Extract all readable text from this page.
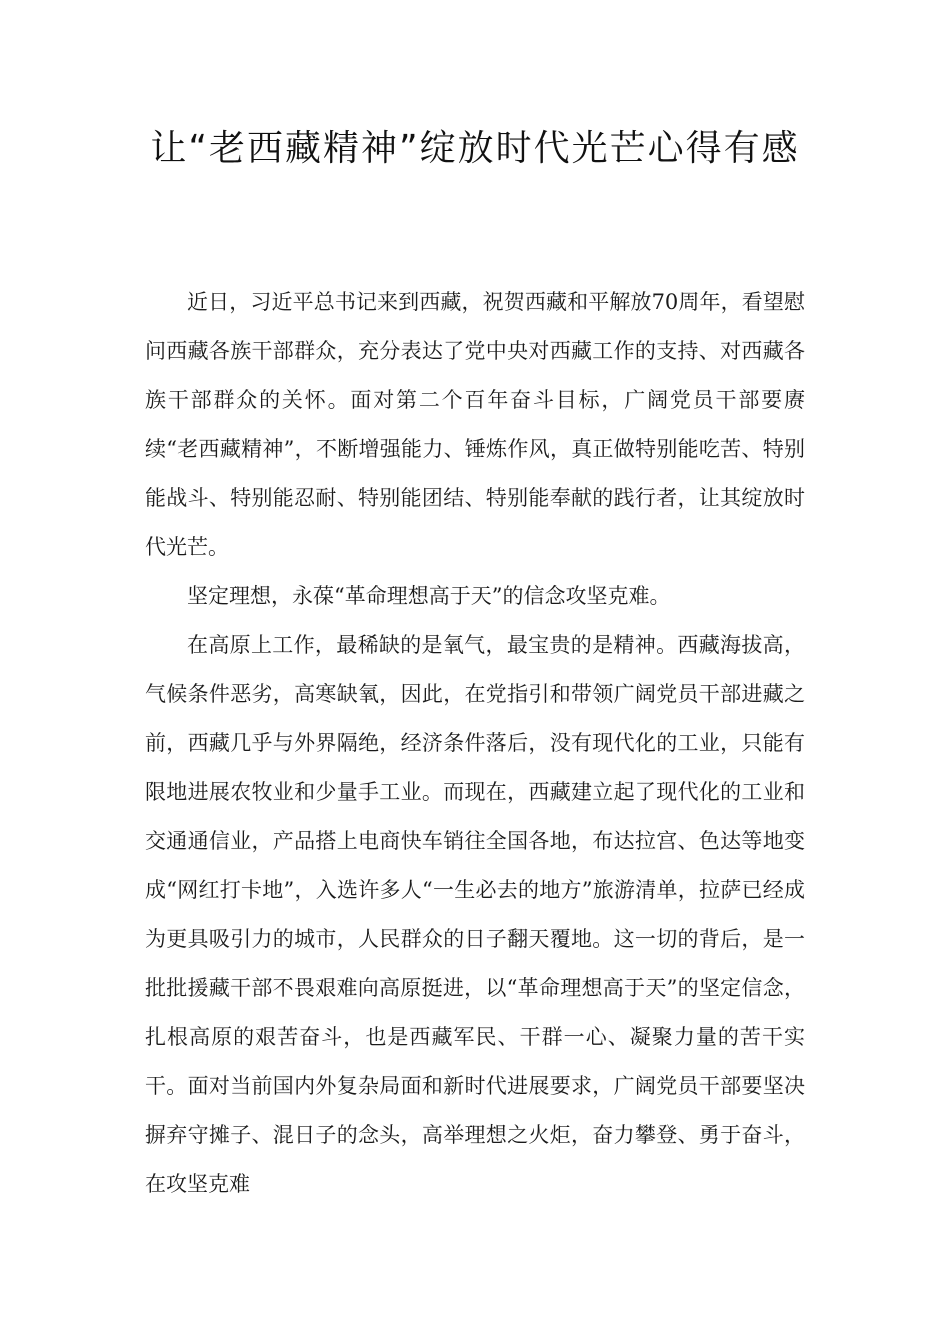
让“老西藏精神”绽放时代光芒心得有感

近日，习近平总书记来到西藏，祝贺西藏和平解放70周年，看望慰问西藏各族干部群众，充分表达了党中央对西藏工作的支持、对西藏各族干部群众的关怀。面对第二个百年奋斗目标，广阔党员干部要赓续“老西藏精神”，不断增强能力、锤炼作风，真正做特别能吃苦、特别能战斗、特别能忍耐、特别能团结、特别能奉献的践行者，让其绽放时代光芒。

坚定理想，永葆“革命理想高于天”的信念攻坚克难。

在高原上工作，最稀缺的是氧气，最宝贵的是精神。西藏海拔高，气候条件恶劣，高寒缺氧，因此，在党指引和带领广阔党员干部进藏之前，西藏几乎与外界隔绝，经济条件落后，没有现代化的工业，只能有限地进展农牧业和少量手工业。而现在，西藏建立起了现代化的工业和交通通信业，产品搭上电商快车销往全国各地，布达拉宫、色达等地变成“网红打卡地”，入选许多人“一生必去的地方”旅游清单，拉萨已经成为更具吸引力的城市，人民群众的日子翻天覆地。这一切的背后，是一批批援藏干部不畏艰难向高原挺进，以“革命理想高于天”的坚定信念，扎根高原的艰苦奋斗，也是西藏军民、干群一心、凝聚力量的苦干实干。面对当前国内外复杂局面和新时代进展要求，广阔党员干部要坚决摒弃守摊子、混日子的念头，高举理想之火炬，奋力攀登、勇于奋斗，在攻坚克难
